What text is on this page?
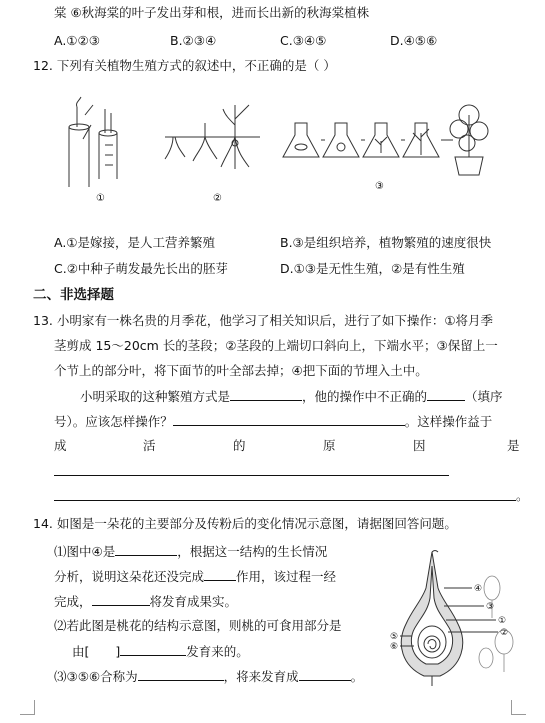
棠 ⑥秋海棠的叶子发出芽和根，进而长出新的秋海棠植株
A.①②③	B.②③④	C.③④⑤	D.④⑤⑥
12. 下列有关植物生殖方式的叙述中，不正确的是（ ）
①	②
③
A.①是嫁接，是人工营养繁殖	B.③是组织培养，植物繁殖的速度很快
C.②中种子萌发最先长出的胚芽	D.①③是无性生殖，②是有性生殖
二、非选择题
13. 小明家有一株名贵的月季花，他学习了相关知识后，进行了如下操作：①将月季
茎剪成 15～20cm 长的茎段；②茎段的上端切口斜向上，下端水平；③保留上一
个节上的部分叶，将下面节的叶全部去掉；④把下面的节埋入土中。
小明采取的这种繁殖方式是	，他的操作中不正确的	（填序
号）。应该怎样操作？	。这样操作益于
成	活	的	原	因	是
。
14. 如图是一朵花的主要部分及传粉后的变化情况示意图，请据图回答问题。
⑴图中④是	，根据这一结构的生长情况
分析，说明这朵花还没完成	作用，该过程一经
完成，	将发育成果实。
⑵若此图是桃花的结构示意图，则桃的可食用部分是
由[ ]	发育来的。
⑶③⑤⑥合称为	，将来发育成	。
④
③
①
②
⑤
⑥
